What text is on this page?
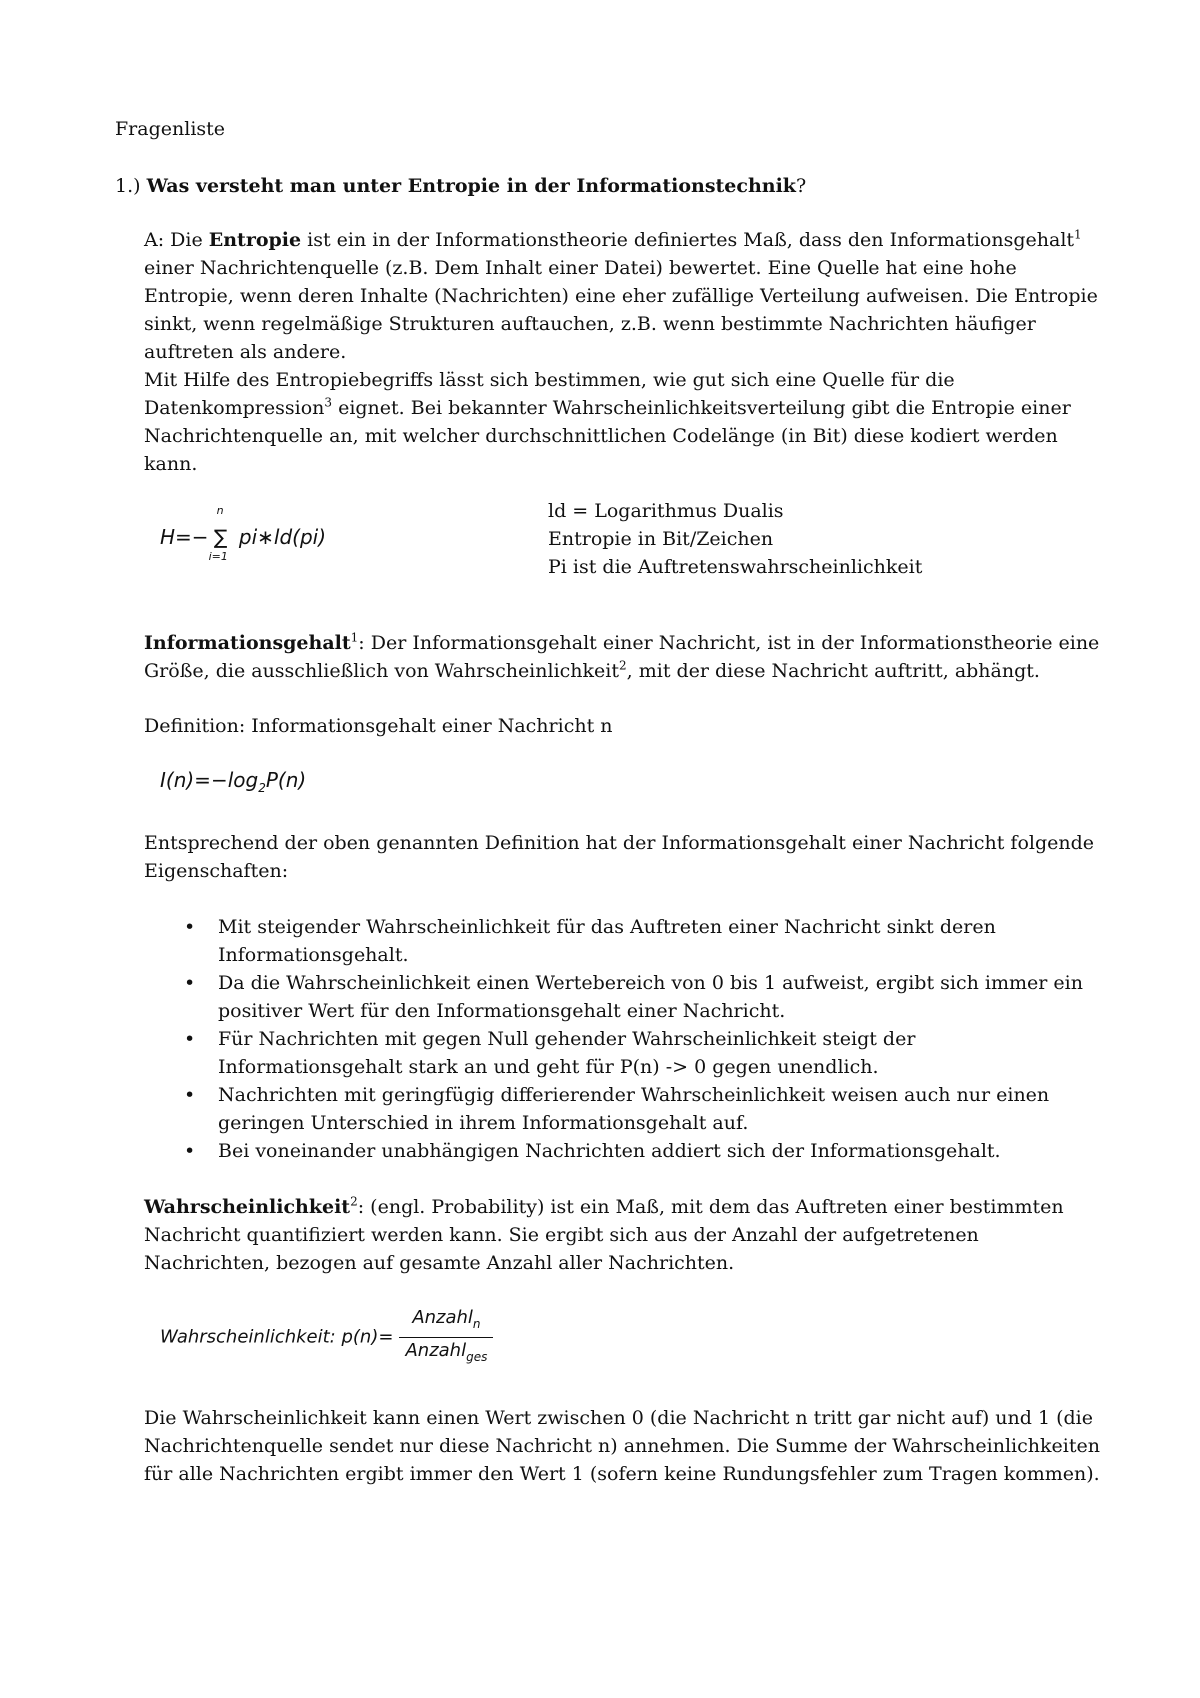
Fragenliste

1.) Was versteht man unter Entropie in der Informationstechnik?

A: Die Entropie ist ein in der Informationstheorie definiertes Maß, dass den Informationsgehalt$^1$ einer Nachrichtenquelle (z.B. Dem Inhalt einer Datei) bewertet. Eine Quelle hat eine hohe Entropie, wenn deren Inhalte (Nachrichten) eine eher zufällige Verteilung aufweisen. Die Entropie sinkt, wenn regelmäßige Strukturen auftauchen, z.B. wenn bestimmte Nachrichten häufiger auftreten als andere.

Mit Hilfe des Entropiebegriffs lässt sich bestimmen, wie gut sich eine Quelle für die Datenkompression$^3$ eignet. Bei bekannter Wahrscheinlichkeitsverteilung gibt die Entropie einer Nachrichtenquelle an, mit welcher durchschnittlichen Codelänge (in Bit) diese kodiert werden kann.

H=− ∑
n
i=1
pi∗ld(pi)
ld = Logarithmus Dualis
Entropie in Bit/Zeichen
Pi ist die Auftretenswahrscheinlichkeit

Informationsgehalt$^1$: Der Informationsgehalt einer Nachricht, ist in der Informationstheorie eine Größe, die ausschließlich von Wahrscheinlichkeit$^2$, mit der diese Nachricht auftritt, abhängt.

Definition: Informationsgehalt einer Nachricht n

$I(n)=-\log_2P(n)$

Entsprechend der oben genannten Definition hat der Informationsgehalt einer Nachricht folgende Eigenschaften:

• Mit steigender Wahrscheinlichkeit für das Auftreten einer Nachricht sinkt deren Informationsgehalt.
• Da die Wahrscheinlichkeit einen Wertebereich von 0 bis 1 aufweist, ergibt sich immer ein positiver Wert für den Informationsgehalt einer Nachricht.
• Für Nachrichten mit gegen Null gehender Wahrscheinlichkeit steigt der Informationsgehalt stark an und geht für P(n) -> 0 gegen unendlich.
• Nachrichten mit geringfügig differierender Wahrscheinlichkeit weisen auch nur einen geringen Unterschied in ihrem Informationsgehalt auf.
• Bei voneinander unabhängigen Nachrichten addiert sich der Informationsgehalt.

Wahrscheinlichkeit$^2$: (engl. Probability) ist ein Maß, mit dem das Auftreten einer bestimmten Nachricht quantifiziert werden kann. Sie ergibt sich aus der Anzahl der aufgetretenen Nachrichten, bezogen auf gesamte Anzahl aller Nachrichten.

Wahrscheinlichkeit: $p(n)= \frac{Anzahl_n}{Anzahl_{ges}}$

Die Wahrscheinlichkeit kann einen Wert zwischen 0 (die Nachricht n tritt gar nicht auf) und 1 (die Nachrichtenquelle sendet nur diese Nachricht n) annehmen. Die Summe der Wahrscheinlichkeiten für alle Nachrichten ergibt immer den Wert 1 (sofern keine Rundungsfehler zum Tragen kommen).
